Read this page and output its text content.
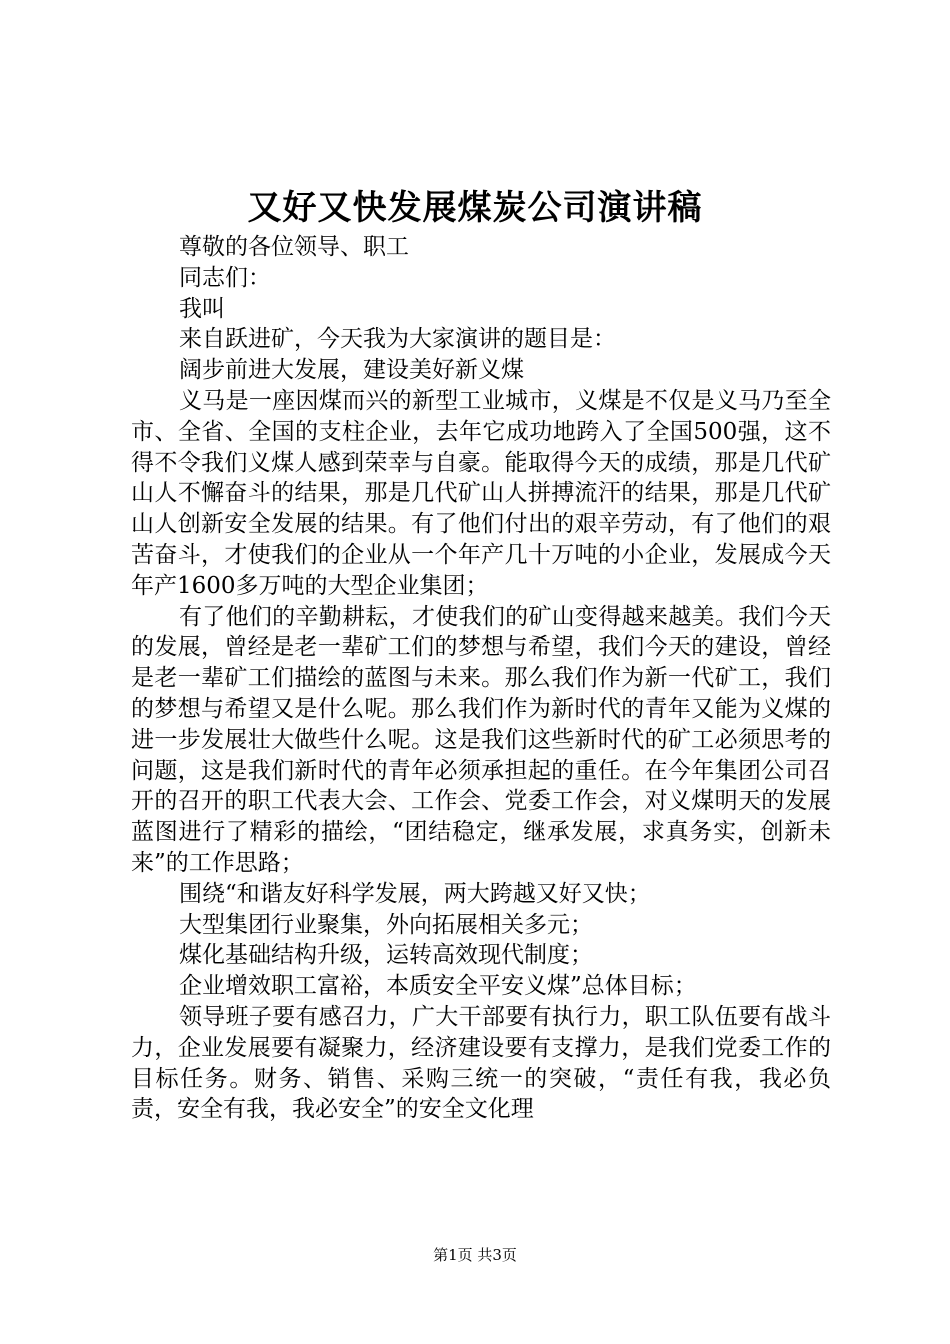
又好又快发展煤炭公司演讲稿

尊敬的各位领导、职工

同志们：

我叫

来自跃进矿，今天我为大家演讲的题目是：

阔步前进大发展，建设美好新义煤

义马是一座因煤而兴的新型工业城市，义煤是不仅是义马乃至全市、全省、全国的支柱企业，去年它成功地跨入了全国500强，这不得不令我们义煤人感到荣幸与自豪。能取得今天的成绩，那是几代矿山人不懈奋斗的结果，那是几代矿山人拼搏流汗的结果，那是几代矿山人创新安全发展的结果。有了他们付出的艰辛劳动，有了他们的艰苦奋斗，才使我们的企业从一个年产几十万吨的小企业，发展成今天年产1600多万吨的大型企业集团；

有了他们的辛勤耕耘，才使我们的矿山变得越来越美。我们今天的发展，曾经是老一辈矿工们的梦想与希望，我们今天的建设，曾经是老一辈矿工们描绘的蓝图与未来。那么我们作为新一代矿工，我们的梦想与希望又是什么呢。那么我们作为新时代的青年又能为义煤的进一步发展壮大做些什么呢。这是我们这些新时代的矿工必须思考的问题，这是我们新时代的青年必须承担起的重任。在今年集团公司召开的召开的职工代表大会、工作会、党委工作会，对义煤明天的发展蓝图进行了精彩的描绘，“团结稳定，继承发展，求真务实，创新未来”的工作思路；

围绕“和谐友好科学发展，两大跨越又好又快；

大型集团行业聚集，外向拓展相关多元；

煤化基础结构升级，运转高效现代制度；

企业增效职工富裕，本质安全平安义煤”总体目标；

领导班子要有感召力，广大干部要有执行力，职工队伍要有战斗力，企业发展要有凝聚力，经济建设要有支撑力，是我们党委工作的目标任务。财务、销售、采购三统一的突破，“责任有我，我必负责，安全有我，我必安全”的安全文化理

第1页 共3页
